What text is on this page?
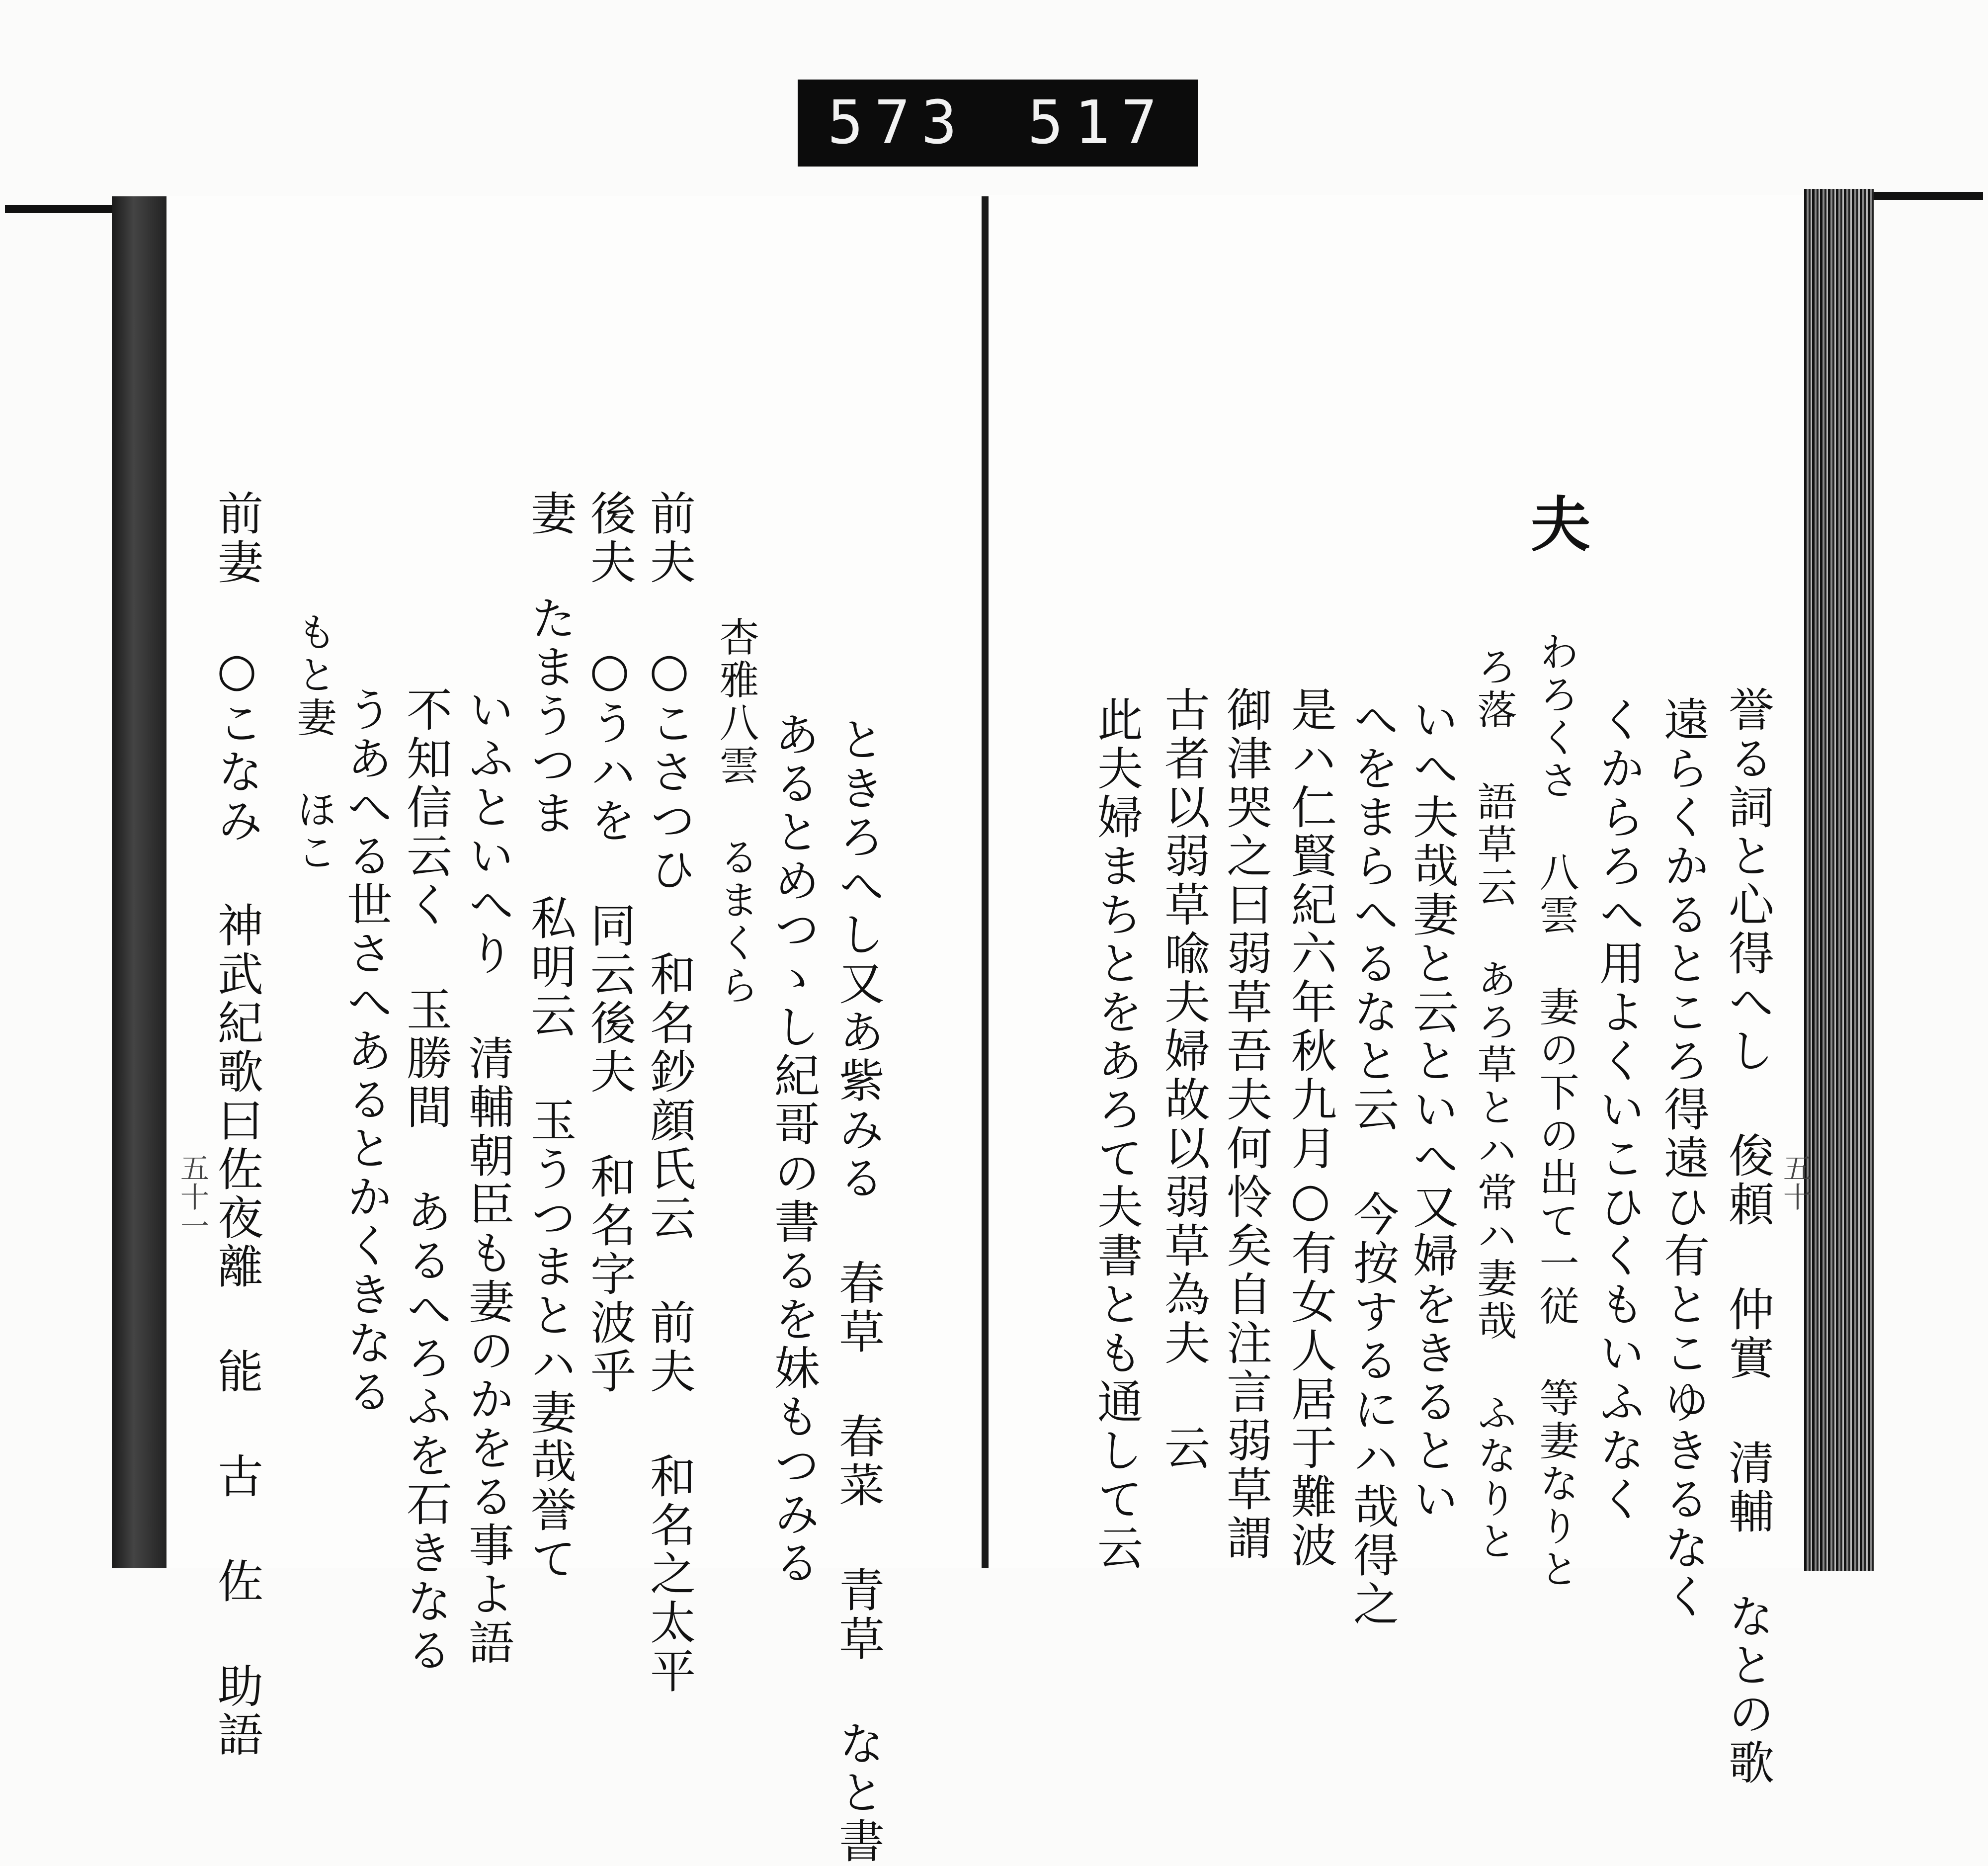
573 517
夫
誉る詞と心得へし 俊頼 仲實 清輔 なとの歌
遠らくかるところ得遠ひ有とこゆきるなく
くからろへ用よくいこひくもいふなく
わろくさ 八雲 妻の下の出て一従 等妻なりと
ろ落 語草云 あろ草とハ常ハ妻哉 ふなりと
いへ夫哉妻と云といへ又婦をきるとい
へをまらへるなと云 今按するにハ哉得之
是ハ仁賢紀六年秋九月○有女人居于難波
御津哭之曰弱草吾夫何怜矣自注言弱草謂
古者以弱草喩夫婦故以弱草為夫 云
此夫婦まちとをあろて夫書とも通して云	五十
ときろへし又あ紫みる 春草 春菜 青草 なと書
あるとめつゝし紀哥の書るを妹もつみる
杏雅八雲 るまくら
前夫 ○こさつひ 和名鈔顔氏云 前夫 和名之太平
後夫 ○うハを 同云後夫 和名字波乎
妻 たまうつま 私明云 玉うつまとハ妻哉誉て
いふといへり 清輔朝臣も妻のかをる事よ語
不知信云く 玉勝間 あるへろふを石きなる
うあへる世さへあるとかくきなる
もと妻 ほこ
前妻 ○こなみ 神武紀歌曰佐夜離 能 古 佐 助語
五十一
